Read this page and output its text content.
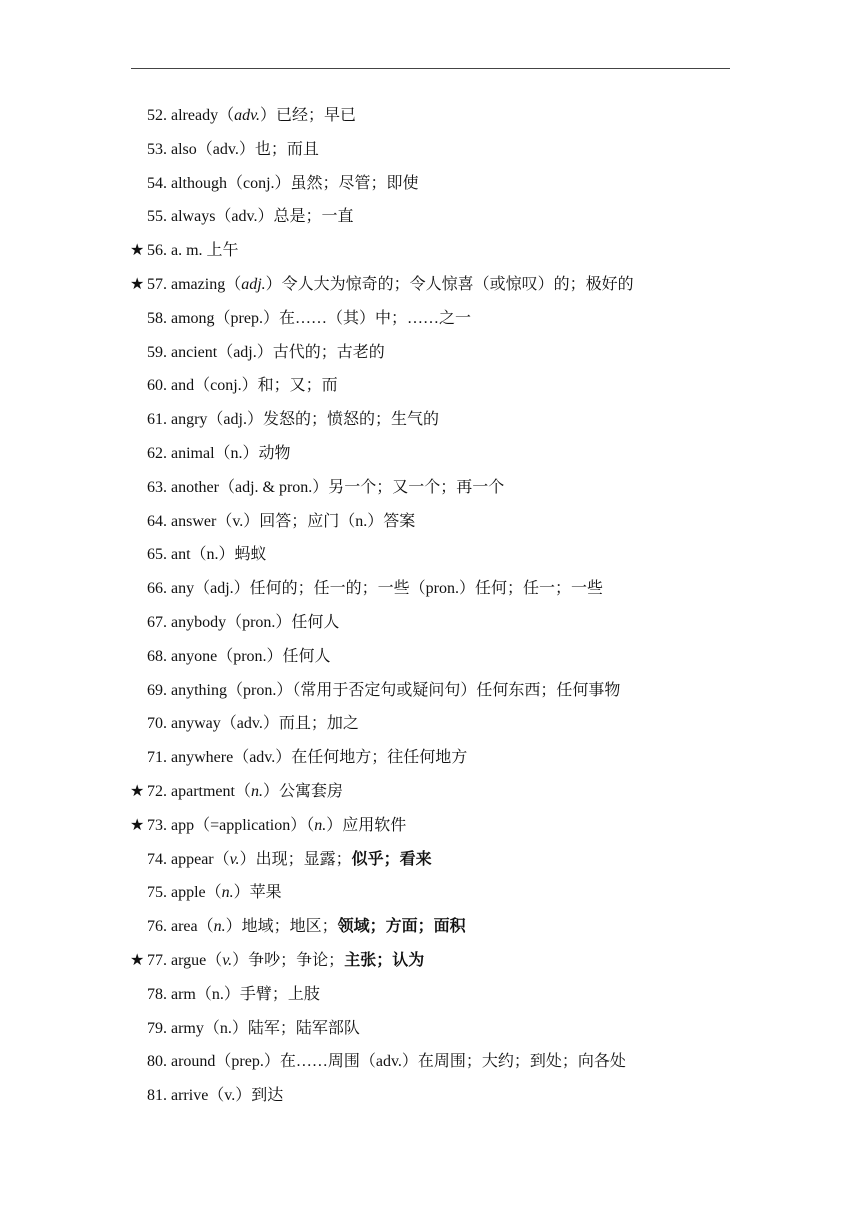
52. already（adv.）已经；早已
53. also（adv.）也；而且
54. although（conj.）虽然；尽管；即使
55. always（adv.）总是；一直
★ 56. a. m. 上午
★ 57. amazing（adj.）令人大为惊奇的；令人惊喜（或惊叹）的；极好的
58. among（prep.）在……（其）中；……之一
59. ancient（adj.）古代的；古老的
60. and（conj.）和；又；而
61. angry（adj.）发怒的；愤怒的；生气的
62. animal（n.）动物
63. another（adj. & pron.）另一个；又一个；再一个
64. answer（v.）回答；应门（n.）答案
65. ant（n.）蚂蚁
66. any（adj.）任何的；任一的；一些（pron.）任何；任一；一些
67. anybody（pron.）任何人
68. anyone（pron.）任何人
69. anything（pron.）（常用于否定句或疑问句）任何东西；任何事物
70. anyway（adv.）而且；加之
71. anywhere（adv.）在任何地方；往任何地方
★ 72. apartment（n.）公寓套房
★ 73. app（=application）（n.）应用软件
74. appear（v.）出现；显露；似乎；看来
75. apple（n.）苹果
76. area（n.）地域；地区；领域；方面；面积
★ 77. argue（v.）争吵；争论；主张；认为
78. arm（n.）手臂；上肢
79. army（n.）陆军；陆军部队
80. around（prep.）在……周围（adv.）在周围；大约；到处；向各处
81. arrive（v.）到达
